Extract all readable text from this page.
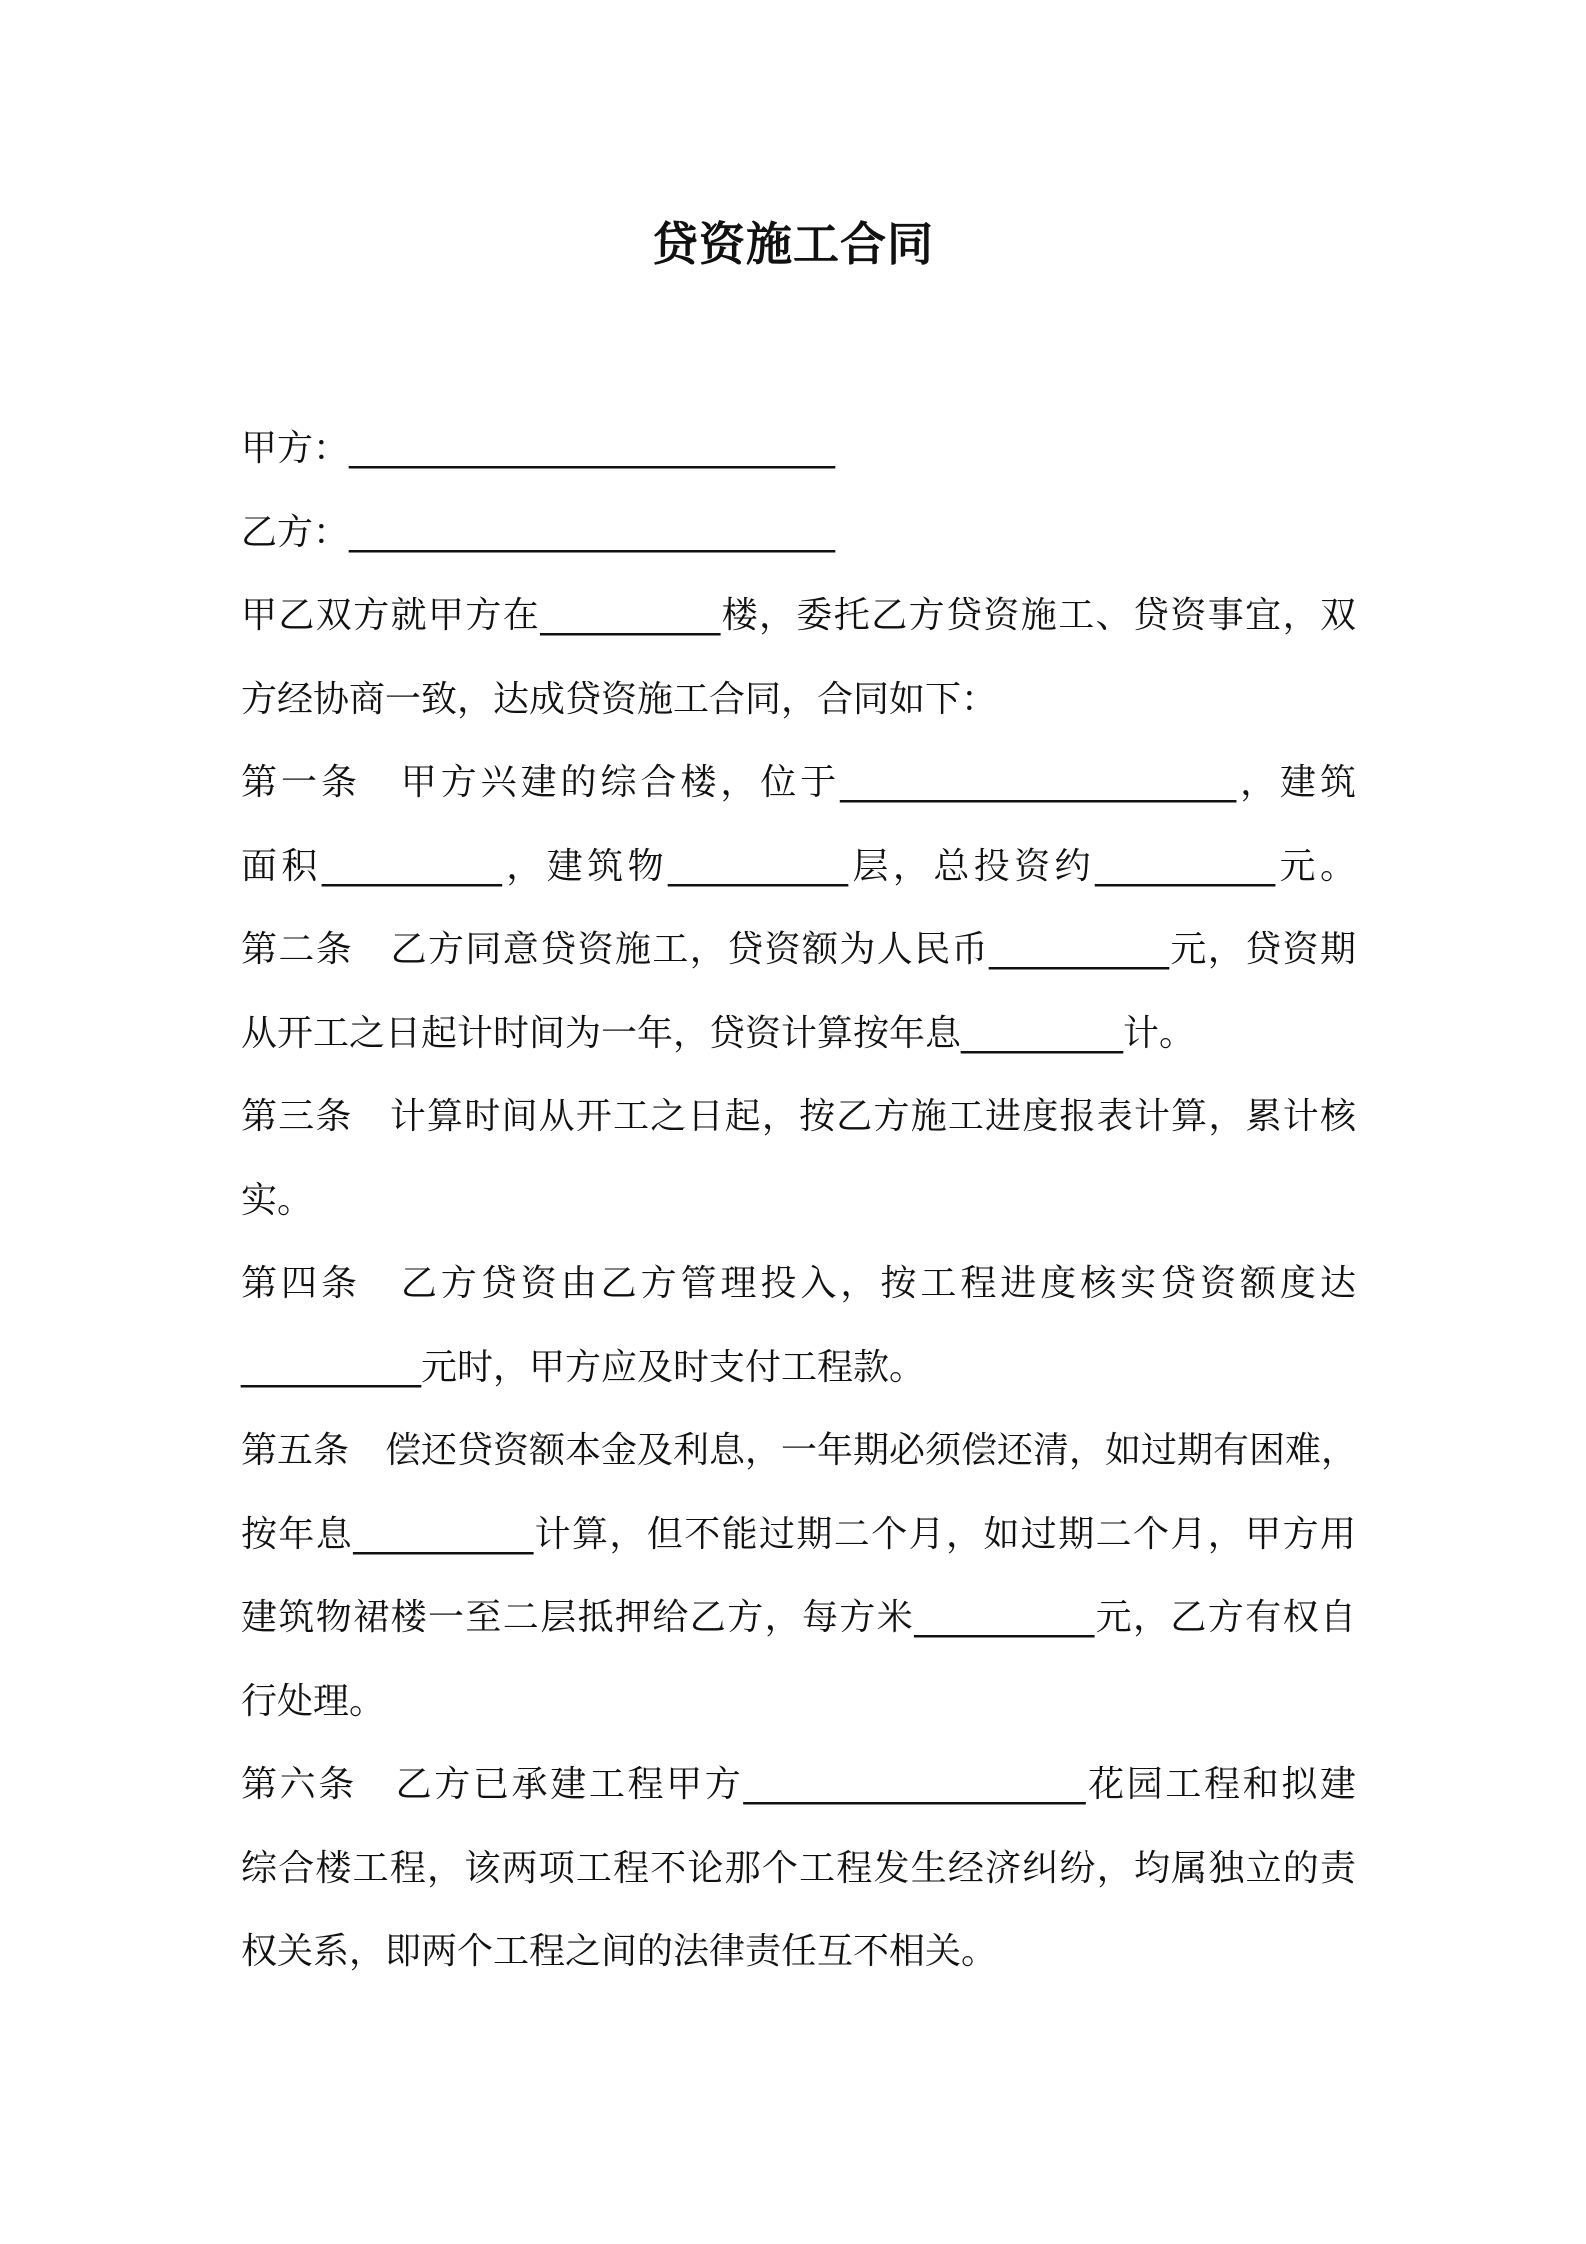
贷资施工合同
甲方：___________________________
乙方：___________________________
甲乙双方就甲方在__________楼，委托乙方贷资施工、贷资事宜，双
方经协商一致，达成贷资施工合同，合同如下：
第一条　甲方兴建的综合楼，位于______________________，建筑
面积__________，建筑物__________层，总投资约__________元。
第二条　乙方同意贷资施工，贷资额为人民币__________元，贷资期
从开工之日起计时间为一年，贷资计算按年息_________计。
第三条　计算时间从开工之日起，按乙方施工进度报表计算，累计核
实。
第四条　乙方贷资由乙方管理投入，按工程进度核实贷资额度达
__________元时，甲方应及时支付工程款。
第五条　偿还贷资额本金及利息，一年期必须偿还清，如过期有困难，
按年息__________计算，但不能过期二个月，如过期二个月，甲方用
建筑物裙楼一至二层抵押给乙方，每方米__________元，乙方有权自
行处理。
第六条　乙方已承建工程甲方___________________花园工程和拟建
综合楼工程，该两项工程不论那个工程发生经济纠纷，均属独立的责
权关系，即两个工程之间的法律责任互不相关。
